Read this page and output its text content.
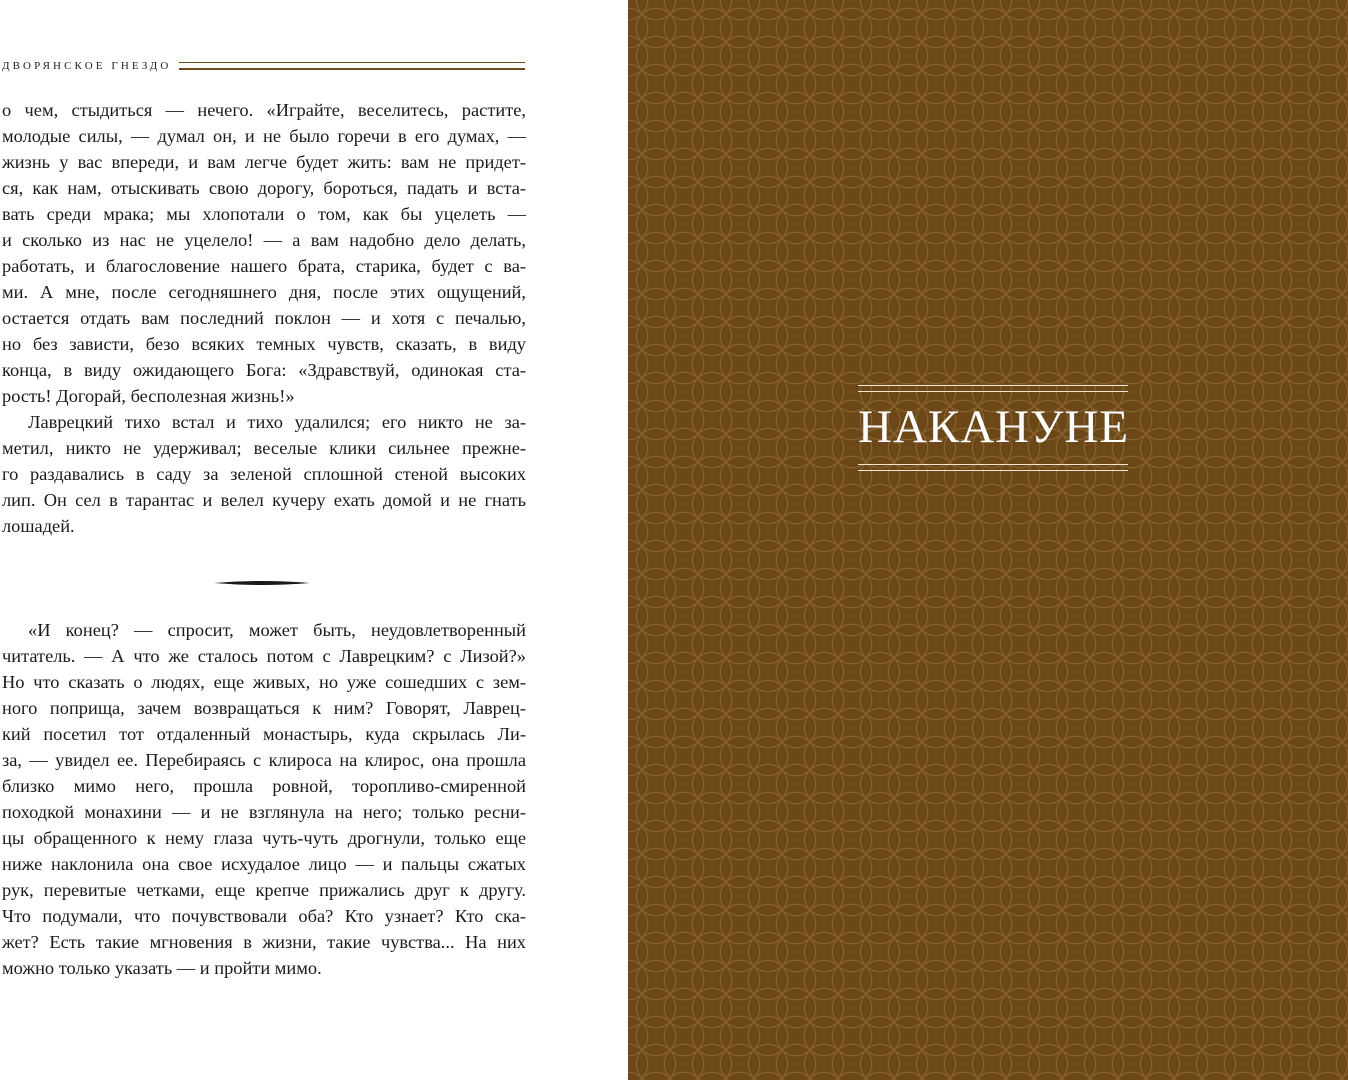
ДВОРЯНСКОЕ ГНЕЗДО
о чем, стыдиться — нечего. «Играйте, веселитесь, растите,
молодые силы, — думал он, и не было горечи в его думах, —
жизнь у вас впереди, и вам легче будет жить: вам не придет-
ся, как нам, отыскивать свою дорогу, бороться, падать и вста-
вать среди мрака; мы хлопотали о том, как бы уцелеть —
и сколько из нас не уцелело! — а вам надобно дело делать,
работать, и благословение нашего брата, старика, будет с ва-
ми. А мне, после сегодняшнего дня, после этих ощущений,
остается отдать вам последний поклон — и хотя с печалью,
но без зависти, безо всяких темных чувств, сказать, в виду
конца, в виду ожидающего Бога: «Здравствуй, одинокая ста-
рость! Догорай, бесполезная жизнь!»
Лаврецкий тихо встал и тихо удалился; его никто не за-
метил, никто не удерживал; веселые клики сильнее прежне-
го раздавались в саду за зеленой сплошной стеной высоких
лип. Он сел в тарантас и велел кучеру ехать домой и не гнать
лошадей.
«И конец? — спросит, может быть, неудовлетворенный
читатель. — А что же сталось потом с Лаврецким? с Лизой?»
Но что сказать о людях, еще живых, но уже сошедших с зем-
ного поприща, зачем возвращаться к ним? Говорят, Лаврец-
кий посетил тот отдаленный монастырь, куда скрылась Ли-
за, — увидел ее. Перебираясь с клироса на клирос, она прошла
близко мимо него, прошла ровной, торопливо-смиренной
походкой монахини — и не взглянула на него; только ресни-
цы обращенного к нему глаза чуть-чуть дрогнули, только еще
ниже наклонила она свое исхудалое лицо — и пальцы сжатых
рук, перевитые четками, еще крепче прижались друг к другу.
Что подумали, что почувствовали оба? Кто узнает? Кто ска-
жет? Есть такие мгновения в жизни, такие чувства... На них
можно только указать — и пройти мимо.
НАКАНУНЕ
